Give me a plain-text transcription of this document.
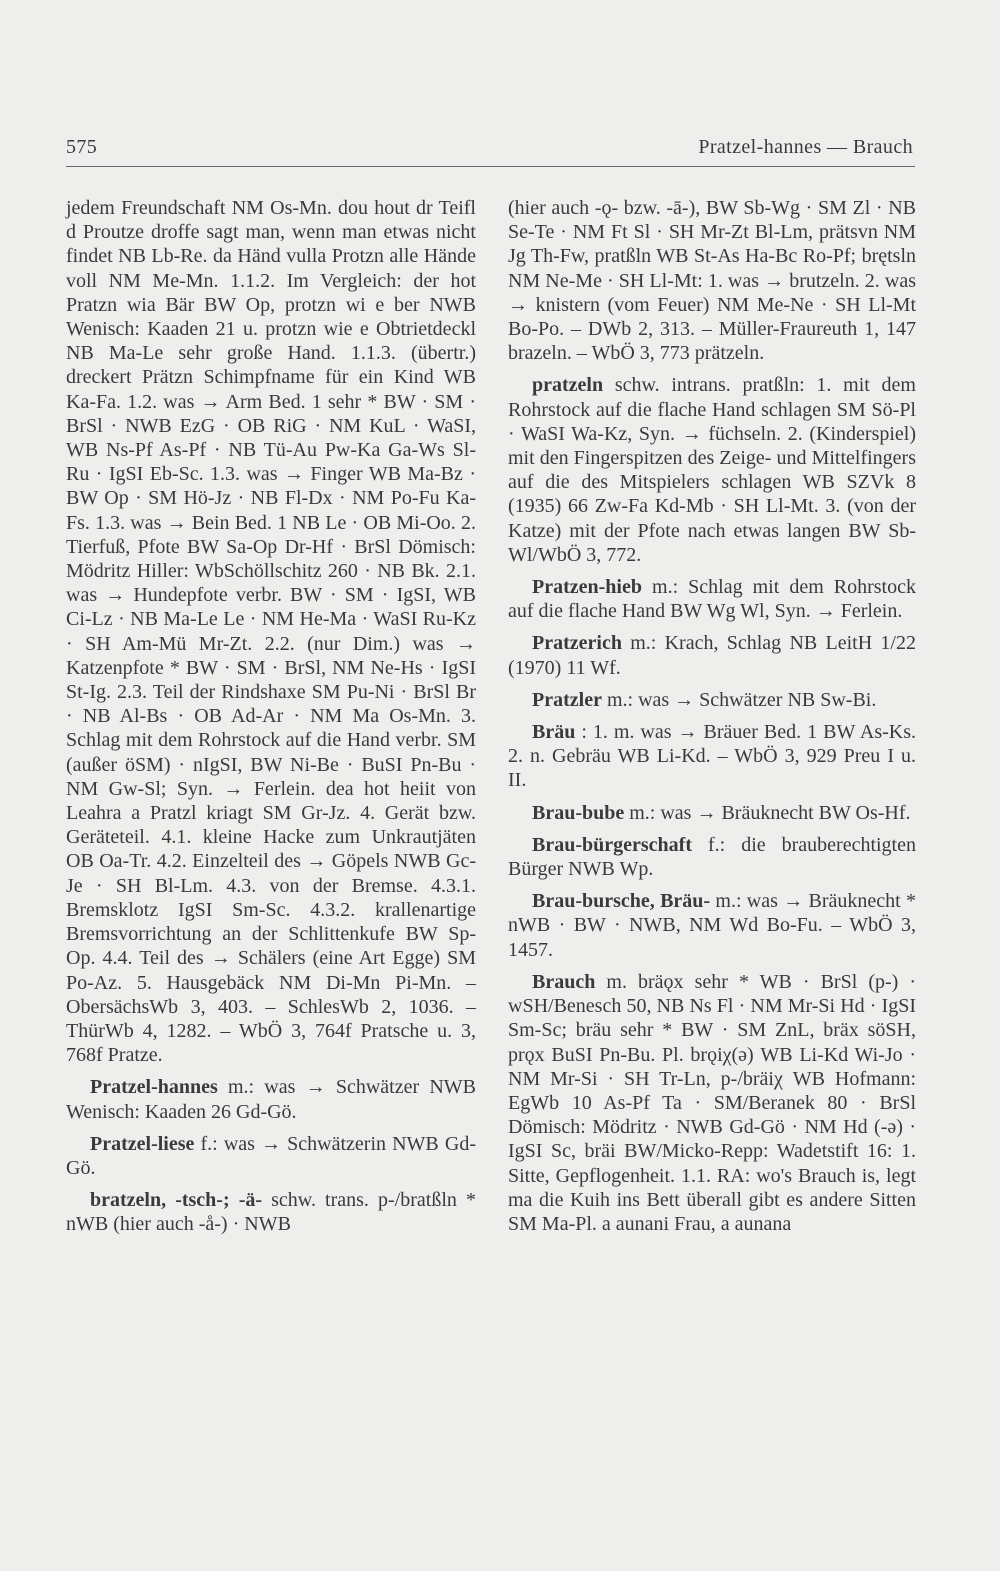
575	Pratzel-hannes — Brauch

jedem Freundschaft NM Os-Mn. dou hout dr Teifl d Proutze droffe sagt man, wenn man etwas nicht findet NB Lb-Re. da Händ vulla Protzn alle Hände voll NM Me-Mn. 1.1.2. Im Vergleich: der hot Pratzn wia Bär BW Op, protzn wi e ber NWB Wenisch: Kaaden 21 u. protzn wie e Obtrietdeckl NB Ma-Le sehr große Hand. 1.1.3. (übertr.) dreckert Prätzn Schimpfname für ein Kind WB Ka-Fa. 1.2. was → Arm Bed. 1 sehr * BW · SM · BrSl · NWB EzG · OB RiG · NM KuL · WaSI, WB Ns-Pf As-Pf · NB Tü-Au Pw-Ka Ga-Ws Sl-Ru · IgSI Eb-Sc. 1.3. was → Finger WB Ma-Bz · BW Op · SM Hö-Jz · NB Fl-Dx · NM Po-Fu Ka-Fs. 1.3. was → Bein Bed. 1 NB Le · OB Mi-Oo. 2. Tierfuß, Pfote BW Sa-Op Dr-Hf · BrSl Dömisch: Mödritz Hiller: WbSchöllschitz 260 · NB Bk. 2.1. was → Hundepfote verbr. BW · SM · IgSI, WB Ci-Lz · NB Ma-Le Le · NM He-Ma · WaSI Ru-Kz · SH Am-Mü Mr-Zt. 2.2. (nur Dim.) was → Katzenpfote * BW · SM · BrSl, NM Ne-Hs · IgSI St-Ig. 2.3. Teil der Rindshaxe SM Pu-Ni · BrSl Br · NB Al-Bs · OB Ad-Ar · NM Ma Os-Mn. 3. Schlag mit dem Rohrstock auf die Hand verbr. SM (außer öSM) · nIgSI, BW Ni-Be · BuSI Pn-Bu · NM Gw-Sl; Syn. → Ferlein. dea hot heiit von Leahra a Pratzl kriagt SM Gr-Jz. 4. Gerät bzw. Geräteteil. 4.1. kleine Hacke zum Unkrautjäten OB Oa-Tr. 4.2. Einzelteil des → Göpels NWB Gc-Je · SH Bl-Lm. 4.3. von der Bremse. 4.3.1. Bremsklotz IgSI Sm-Sc. 4.3.2. krallenartige Bremsvorrichtung an der Schlittenkufe BW Sp-Op. 4.4. Teil des → Schälers (eine Art Egge) SM Po-Az. 5. Hausgebäck NM Di-Mn Pi-Mn. – ObersächsWb 3, 403. – SchlesWb 2, 1036. – ThürWb 4, 1282. – WbÖ 3, 764f Pratsche u. 3, 768f Pratze.

Pratzel-hannes m.: was → Schwätzer NWB Wenisch: Kaaden 26 Gd-Gö.

Pratzel-liese f.: was → Schwätzerin NWB Gd-Gö.

bratzeln, -tsch-; -ä- schw. trans. p-/bratßln * nWB (hier auch -å-) · NWB

(hier auch -ǫ- bzw. -ā-), BW Sb-Wg · SM Zl · NB Se-Te · NM Ft Sl · SH Mr-Zt Bl-Lm, prätsvn NM Jg Th-Fw, pratßln WB St-As Ha-Bc Ro-Pf; brętsln NM Ne-Me · SH Ll-Mt: 1. was → brutzeln. 2. was → knistern (vom Feuer) NM Me-Ne · SH Ll-Mt Bo-Po. – DWb 2, 313. – Müller-Fraureuth 1, 147 brazeln. – WbÖ 3, 773 prätzeln.

pratzeln schw. intrans. pratßln: 1. mit dem Rohrstock auf die flache Hand schlagen SM Sö-Pl · WaSI Wa-Kz, Syn. → füchseln. 2. (Kinderspiel) mit den Fingerspitzen des Zeige- und Mittelfingers auf die des Mitspielers schlagen WB SZVk 8 (1935) 66 Zw-Fa Kd-Mb · SH Ll-Mt. 3. (von der Katze) mit der Pfote nach etwas langen BW Sb-Wl/WbÖ 3, 772.

Pratzen-hieb m.: Schlag mit dem Rohrstock auf die flache Hand BW Wg Wl, Syn. → Ferlein.

Pratzerich m.: Krach, Schlag NB LeitH 1/22 (1970) 11 Wf.

Pratzler m.: was → Schwätzer NB Sw-Bi.

Bräu : 1. m. was → Bräuer Bed. 1 BW As-Ks. 2. n. Gebräu WB Li-Kd. – WbÖ 3, 929 Preu I u. II.

Brau-bube m.: was → Bräuknecht BW Os-Hf.

Brau-bürgerschaft f.: die brauberechtigten Bürger NWB Wp.

Brau-bursche, Bräu- m.: was → Bräuknecht * nWB · BW · NWB, NM Wd Bo-Fu. – WbÖ 3, 1457.

Brauch m. bräǫx sehr * WB · BrSl (p-) · wSH/Benesch 50, NB Ns Fl · NM Mr-Si Hd · IgSI Sm-Sc; bräu sehr * BW · SM ZnL, bräx söSH, prǫx BuSI Pn-Bu. Pl. brǫiχ(ə) WB Li-Kd Wi-Jo · NM Mr-Si · SH Tr-Ln, p-/bräiχ WB Hofmann: EgWb 10 As-Pf Ta · SM/Beranek 80 · BrSl Dömisch: Mödritz · NWB Gd-Gö · NM Hd (-ə) · IgSI Sc, bräi BW/Micko-Repp: Wadetstift 16: 1. Sitte, Gepflogenheit. 1.1. RA: wo's Brauch is, legt ma die Kuih ins Bett überall gibt es andere Sitten SM Ma-Pl. a aunani Frau, a aunana
